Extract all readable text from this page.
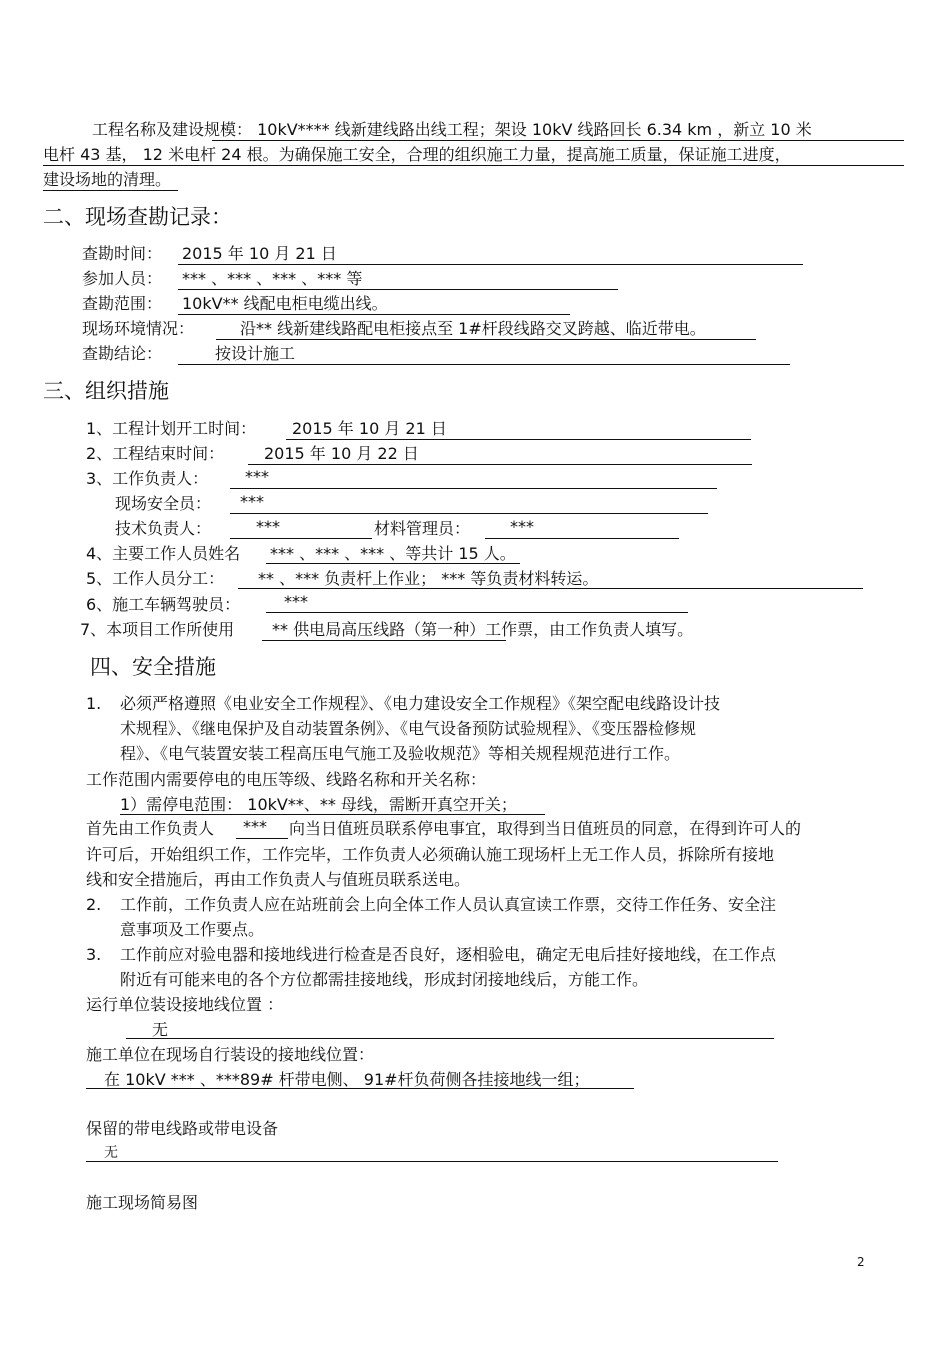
工程名称及建设规模： 10kV**** 线新建线路出线工程；架设 10kV 线路回长 6.34 km ，新立 10 米
电杆 43 基， 12 米电杆 24 根。为确保施工安全，合理的组织施工力量，提高施工质量，保证施工进度，
建设场地的清理。
二、现场查勘记录：
查勘时间： 2015 年 10 月 21 日
参加人员： *** 、*** 、*** 、*** 等
查勘范围： 10kV** 线配电柜电缆出线。
现场环境情况：	沿** 线新建线路配电柜接点至 1#杆段线路交叉跨越、临近带电。
查勘结论：	按设计施工
三、组织措施
1、工程计划开工时间： 2015 年 10 月 21 日
2、工程结束时间： 2015 年 10 月 22 日
3、工作负责人： ***
现场安全员： ***
技术负责人：	***	材料管理员： ***
4、主要工作人员姓名 *** 、*** 、*** 、等共计 15 人。
5、工作人员分工： ** 、*** 负责杆上作业； *** 等负责材料转运。
6、施工车辆驾驶员：	***
7、本项目工作所使用 ** 供电局高压线路（第一种）工作票，由工作负责人填写。
四、安全措施
1. 必须严格遵照《电业安全工作规程》、《电力建设安全工作规程》《架空配电线路设计技
术规程》、《继电保护及自动装置条例》、《电气设备预防试验规程》、《变压器检修规
程》、《电气装置安装工程高压电气施工及验收规范》等相关规程规范进行工作。
工作范围内需要停电的电压等级、线路名称和开关名称：
1）需停电范围： 10kV**、** 母线，需断开真空开关；
首先由工作负责人 *** 向当日值班员联系停电事宜，取得到当日值班员的同意，在得到许可人的
许可后，开始组织工作，工作完毕，工作负责人必须确认施工现场杆上无工作人员，拆除所有接地
线和安全措施后，再由工作负责人与值班员联系送电。
2. 工作前，工作负责人应在站班前会上向全体工作人员认真宣读工作票，交待工作任务、安全注
意事项及工作要点。
3. 工作前应对验电器和接地线进行检查是否良好，逐相验电，确定无电后挂好接地线，在工作点
附近有可能来电的各个方位都需挂接地线，形成封闭接地线后，方能工作。
运行单位装设接地线位置 ：
无
施工单位在现场自行装设的接地线位置：
在 10kV *** 、***89# 杆带电侧、 91#杆负荷侧各挂接地线一组；
保留的带电线路或带电设备
无
施工现场简易图
2
